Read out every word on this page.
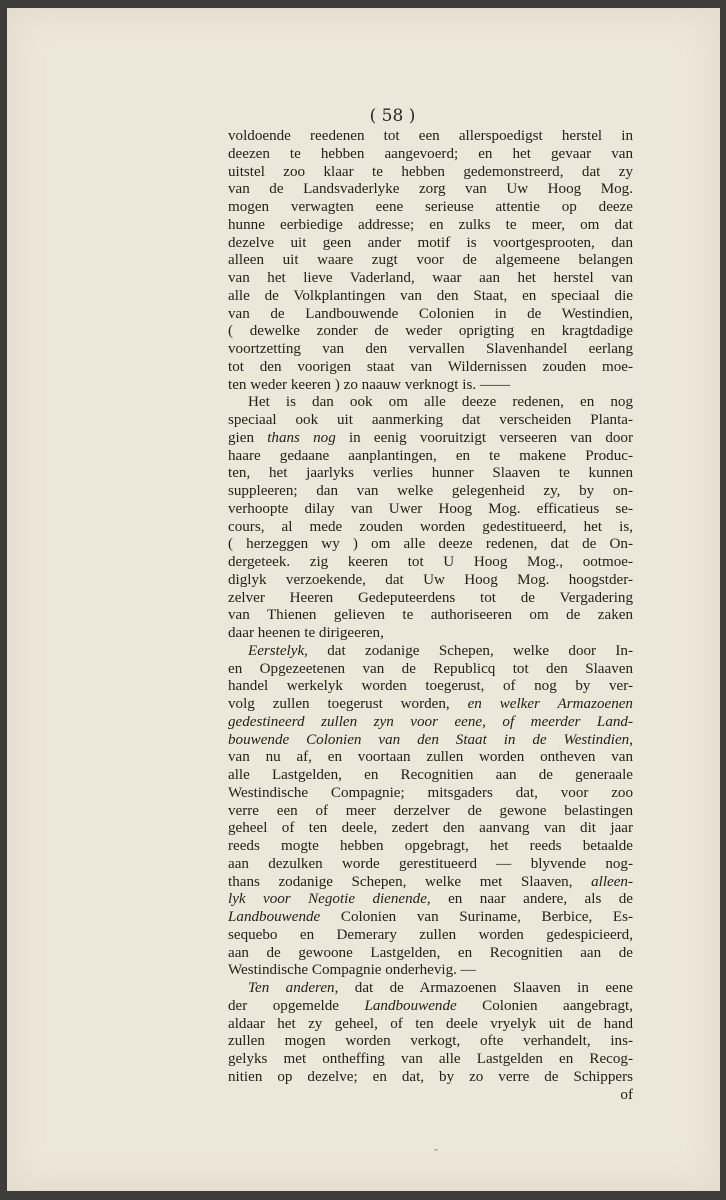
( 58 )
voldoende reedenen tot een allerspoedigst herstel in
deezen te hebben aangevoerd; en het gevaar van
uitstel zoo klaar te hebben gedemonstreerd, dat zy
van de Landsvaderlyke zorg van Uw Hoog Mog.
mogen verwagten eene serieuse attentie op deeze
hunne eerbiedige addresse; en zulks te meer, om dat
dezelve uit geen ander motif is voortgesprooten, dan
alleen uit waare zugt voor de algemeene belangen
van het lieve Vaderland, waar aan het herstel van
alle de Volkplantingen van den Staat, en speciaal die
van de Landbouwende Colonien in de Westindien,
( dewelke zonder de weder oprigting en kragtdadige
voortzetting van den vervallen Slavenhandel eerlang
tot den voorigen staat van Wildernissen zouden moe-
ten weder keeren ) zo naauw verknogt is. ——
Het is dan ook om alle deeze redenen, en nog
speciaal ook uit aanmerking dat verscheiden Planta-
gien thans nog in eenig vooruitzigt verseeren van door
haare gedaane aanplantingen, en te makene Produc-
ten, het jaarlyks verlies hunner Slaaven te kunnen
suppleeren; dan van welke gelegenheid zy, by on-
verhoopte dilay van Uwer Hoog Mog. efficatieus se-
cours, al mede zouden worden gedestitueerd, het is,
( herzeggen wy ) om alle deeze redenen, dat de On-
dergeteek. zig keeren tot U Hoog Mog., ootmoe-
diglyk verzoekende, dat Uw Hoog Mog. hoogstder-
zelver Heeren Gedeputeerdens tot de Vergadering
van Thienen gelieven te authoriseeren om de zaken
daar heenen te dirigeeren,
Eerstelyk, dat zodanige Schepen, welke door In-
en Opgezeetenen van de Republicq tot den Slaaven
handel werkelyk worden toegerust, of nog by ver-
volg zullen toegerust worden, en welker Armazoenen
gedestineerd zullen zyn voor eene, of meerder Land-
bouwende Colonien van den Staat in de Westindien,
van nu af, en voortaan zullen worden ontheven van
alle Lastgelden, en Recognitien aan de generaale
Westindische Compagnie; mitsgaders dat, voor zoo
verre een of meer derzelver de gewone belastingen
geheel of ten deele, zedert den aanvang van dit jaar
reeds mogte hebben opgebragt, het reeds betaalde
aan dezulken worde gerestitueerd — blyvende nog-
thans zodanige Schepen, welke met Slaaven, alleen-
lyk voor Negotie dienende, en naar andere, als de
Landbouwende Colonien van Suriname, Berbice, Es-
sequebo en Demerary zullen worden gedespicieerd,
aan de gewoone Lastgelden, en Recognitien aan de
Westindische Compagnie onderhevig. —
Ten anderen, dat de Armazoenen Slaaven in eene
der opgemelde Landbouwende Colonien aangebragt,
aldaar het zy geheel, of ten deele vryelyk uit de hand
zullen mogen worden verkogt, ofte verhandelt, ins-
gelyks met ontheffing van alle Lastgelden en Recog-
nitien op dezelve; en dat, by zo verre de Schippers
of
˘
